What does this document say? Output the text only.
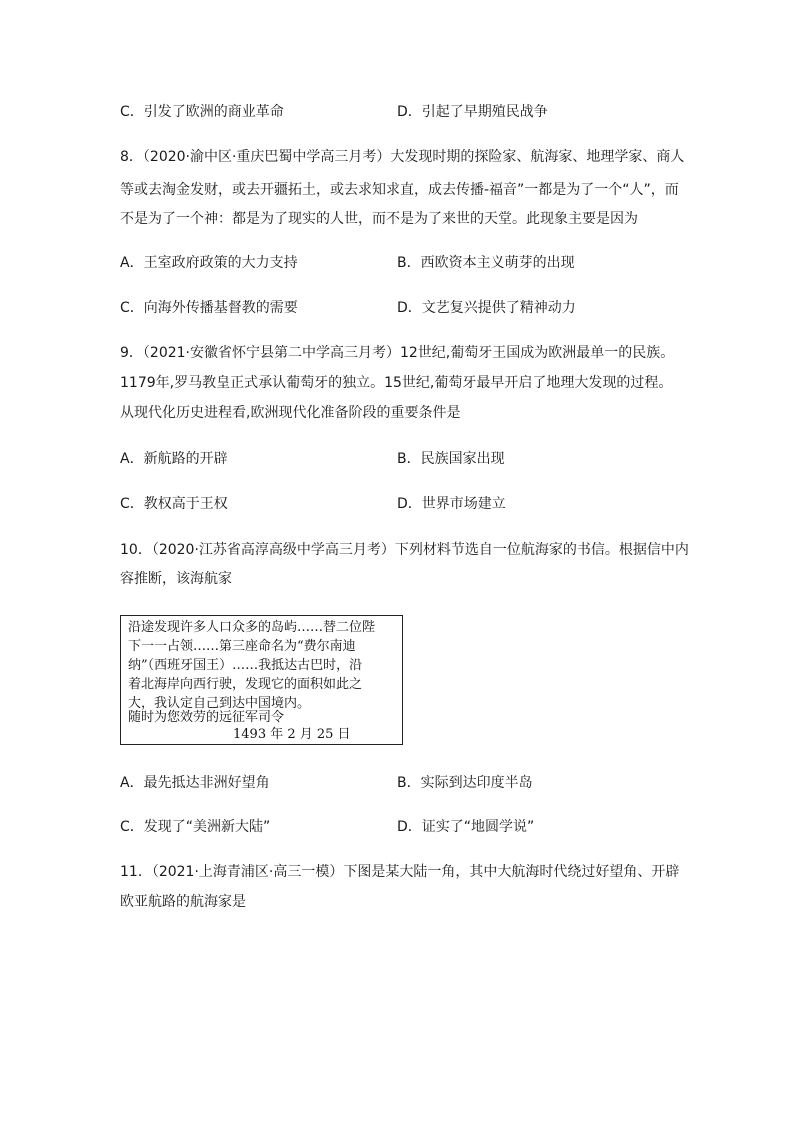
C．引发了欧洲的商业革命	D．引起了早期殖民战争
8．（2020·渝中区·重庆巴蜀中学高三月考）大发现时期的探险家、航海家、地理学家、商人
等或去淘金发财，或去开疆拓土，或去求知求直，成去传播-福音”一都是为了一个“人”，而
不是为了一个神：都是为了现实的人世，而不是为了来世的天堂。此现象主要是因为
A．王室政府政策的大力支持	B．西欧资本主义萌芽的出现
C．向海外传播基督教的需要	D．文艺复兴提供了精神动力
9．（2021·安徽省怀宁县第二中学高三月考）12世纪,葡萄牙王国成为欧洲最单一的民族。
1179年,罗马教皇正式承认葡萄牙的独立。15世纪,葡萄牙最早开启了地理大发现的过程。
从现代化历史进程看,欧洲现代化准备阶段的重要条件是
A．新航路的开辟	B．民族国家出现
C．教权高于王权	D．世界市场建立
10．（2020·江苏省高淳高级中学高三月考）下列材料节选自一位航海家的书信。根据信中内
容推断，该海航家
沿途发现许多人口众多的岛屿……替二位陛
下一一占领……第三座命名为“费尔南迪
纳”（西班牙国王）……我抵达古巴时，沿
着北海岸向西行驶，发现它的面积如此之
大，我认定自己到达中国境内。
随时为您效劳的远征军司令
1493 年 2 月 25 日
A．最先抵达非洲好望角	B．实际到达印度半岛
C．发现了“美洲新大陆”	D．证实了“地圆学说”
11．（2021·上海青浦区·高三一模）下图是某大陆一角，其中大航海时代绕过好望角、开辟
欧亚航路的航海家是
